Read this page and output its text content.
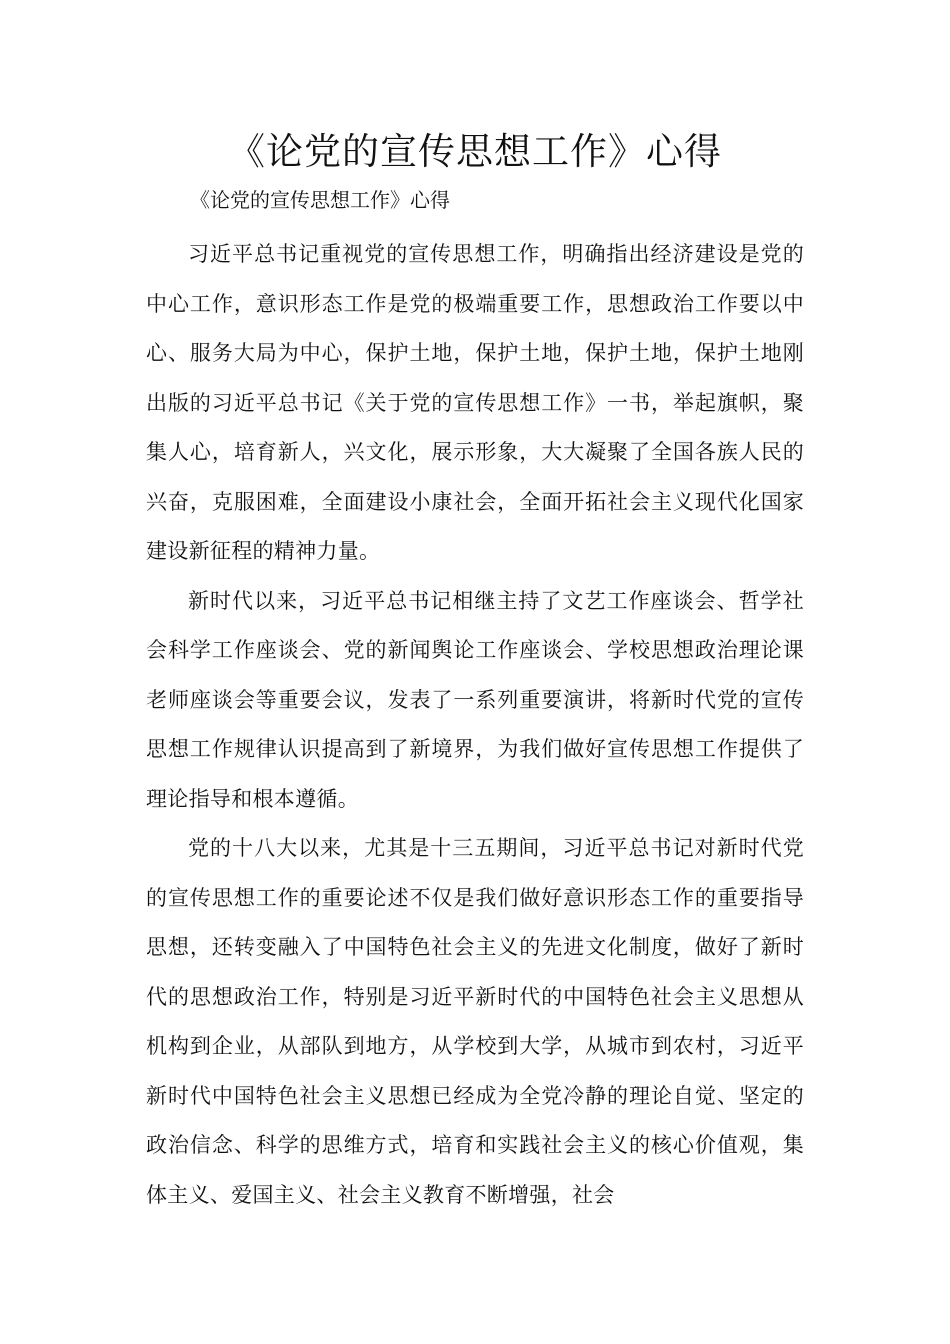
《论党的宣传思想工作》心得

《论党的宣传思想工作》心得

习近平总书记重视党的宣传思想工作，明确指出经济建设是党的中心工作，意识形态工作是党的极端重要工作，思想政治工作要以中心、服务大局为中心，保护土地，保护土地，保护土地，保护土地刚出版的习近平总书记《关于党的宣传思想工作》一书，举起旗帜，聚集人心，培育新人，兴文化，展示形象，大大凝聚了全国各族人民的兴奋，克服困难，全面建设小康社会，全面开拓社会主义现代化国家建设新征程的精神力量。

新时代以来，习近平总书记相继主持了文艺工作座谈会、哲学社会科学工作座谈会、党的新闻舆论工作座谈会、学校思想政治理论课老师座谈会等重要会议，发表了一系列重要演讲，将新时代党的宣传思想工作规律认识提高到了新境界，为我们做好宣传思想工作提供了理论指导和根本遵循。

党的十八大以来，尤其是十三五期间，习近平总书记对新时代党的宣传思想工作的重要论述不仅是我们做好意识形态工作的重要指导思想，还转变融入了中国特色社会主义的先进文化制度，做好了新时代的思想政治工作，特别是习近平新时代的中国特色社会主义思想从机构到企业，从部队到地方，从学校到大学，从城市到农村，习近平新时代中国特色社会主义思想已经成为全党冷静的理论自觉、坚定的政治信念、科学的思维方式，培育和实践社会主义的核心价值观，集体主义、爱国主义、社会主义教育不断增强，社会
